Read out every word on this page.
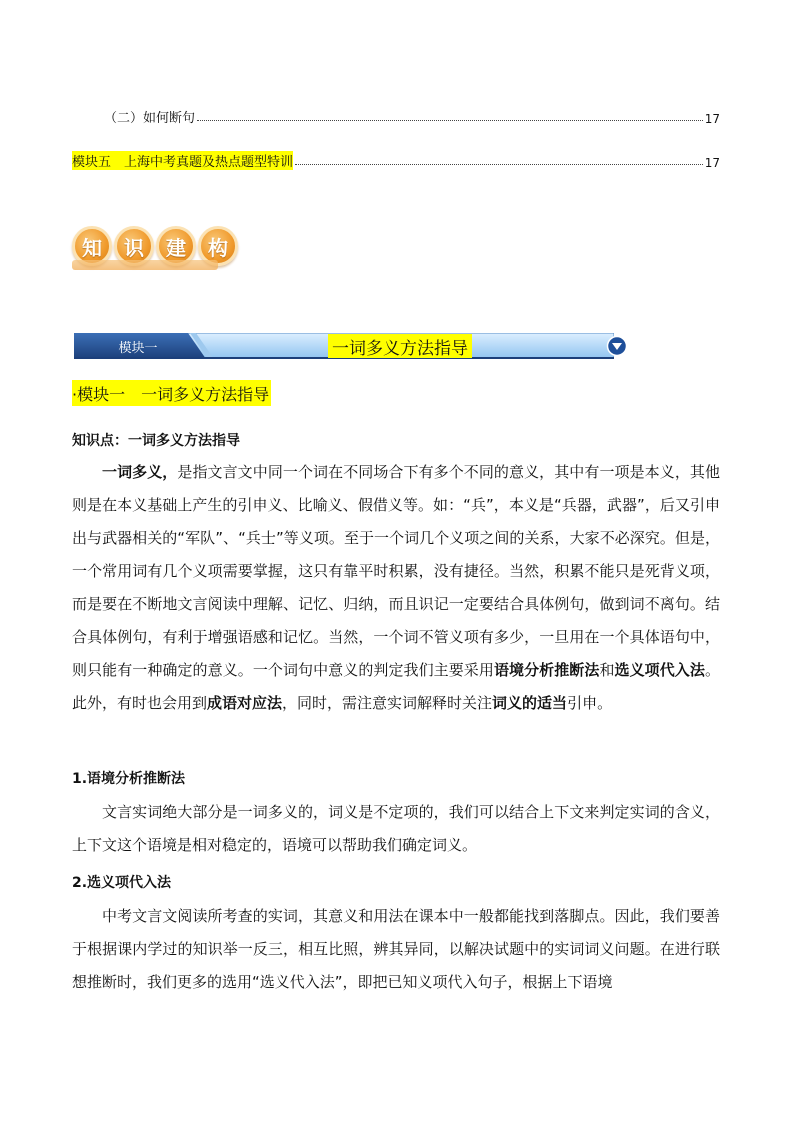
（二）如何断句	17
模块五　上海中考真题及热点题型特训	17
知	识	建	构
模块一	一词多义方法指导
·模块一　一词多义方法指导
知识点：一词多义方法指导

一词多义，是指文言文中同一个词在不同场合下有多个不同的意义，其中有一项是本义，其他则是在本义基础上产生的引申义、比喻义、假借义等。如：“兵”，本义是“兵器，武器”，后又引申出与武器相关的“军队”、“兵士”等义项。至于一个词几个义项之间的关系，大家不必深究。但是，一个常用词有几个义项需要掌握，这只有靠平时积累，没有捷径。当然，积累不能只是死背义项，而是要在不断地文言阅读中理解、记忆、归纳，而且识记一定要结合具体例句，做到词不离句。结合具体例句，有利于增强语感和记忆。当然，一个词不管义项有多少，一旦用在一个具体语句中，则只能有一种确定的意义。一个词句中意义的判定我们主要采用语境分析推断法和选义项代入法。此外，有时也会用到成语对应法，同时，需注意实词解释时关注词义的适当引申。

1.语境分析推断法

文言实词绝大部分是一词多义的，词义是不定项的，我们可以结合上下文来判定实词的含义，上下文这个语境是相对稳定的，语境可以帮助我们确定词义。

2.选义项代入法

中考文言文阅读所考查的实词，其意义和用法在课本中一般都能找到落脚点。因此，我们要善于根据课内学过的知识举一反三，相互比照，辨其异同，以解决试题中的实词词义问题。在进行联想推断时，我们更多的选用“选义代入法”，即把已知义项代入句子，根据上下语境
